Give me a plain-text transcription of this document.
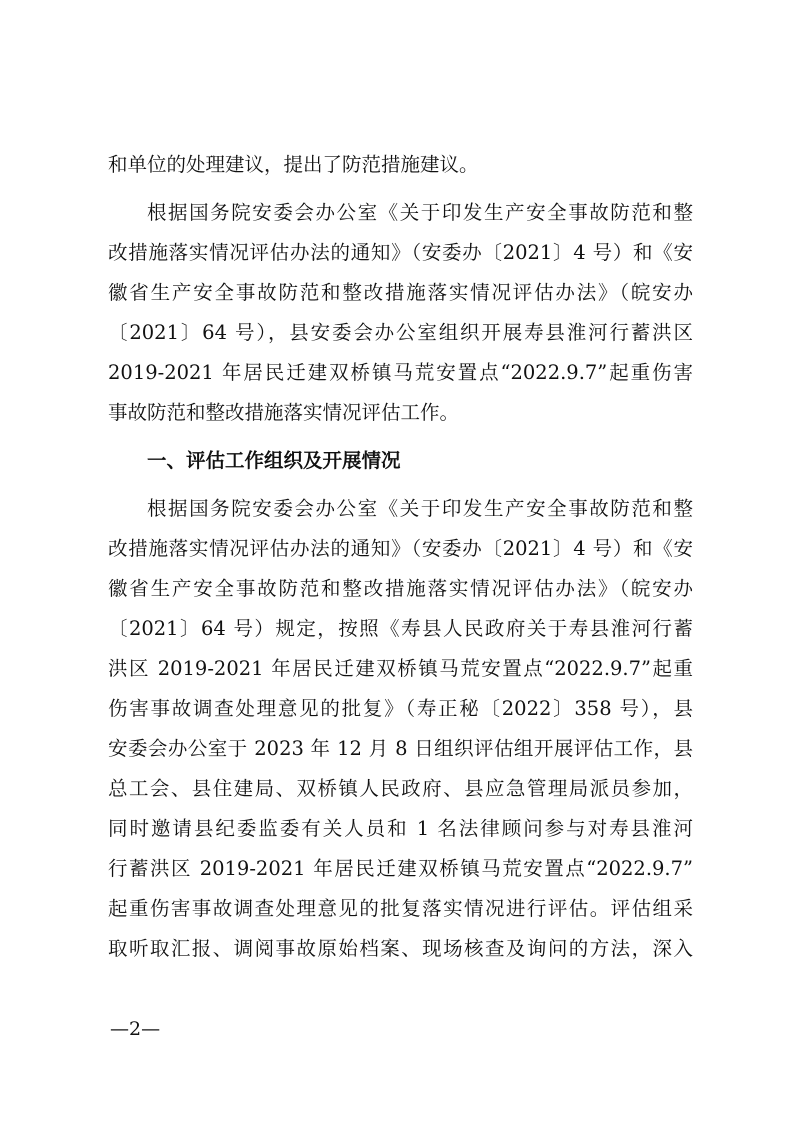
和单位的处理建议，提出了防范措施建议。
根据国务院安委会办公室《关于印发生产安全事故防范和整
改措施落实情况评估办法的通知》（安委办〔2021〕4 号）和《安
徽省生产安全事故防范和整改措施落实情况评估办法》（皖安办
〔2021〕64 号），县安委会办公室组织开展寿县淮河行蓄洪区
2019-2021 年居民迁建双桥镇马荒安置点“2022.9.7”起重伤害
事故防范和整改措施落实情况评估工作。
一、评估工作组织及开展情况
根据国务院安委会办公室《关于印发生产安全事故防范和整
改措施落实情况评估办法的通知》（安委办〔2021〕4 号）和《安
徽省生产安全事故防范和整改措施落实情况评估办法》（皖安办
〔2021〕64 号）规定，按照《寿县人民政府关于寿县淮河行蓄
洪区 2019-2021 年居民迁建双桥镇马荒安置点“2022.9.7”起重
伤害事故调查处理意见的批复》（寿正秘〔2022〕358 号），县
安委会办公室于 2023 年 12 月 8 日组织评估组开展评估工作，县
总工会、县住建局、双桥镇人民政府、县应急管理局派员参加，
同时邀请县纪委监委有关人员和 1 名法律顾问参与对寿县淮河
行蓄洪区 2019-2021 年居民迁建双桥镇马荒安置点“2022.9.7”
起重伤害事故调查处理意见的批复落实情况进行评估。评估组采
取听取汇报、调阅事故原始档案、现场核查及询问的方法，深入
—2—
